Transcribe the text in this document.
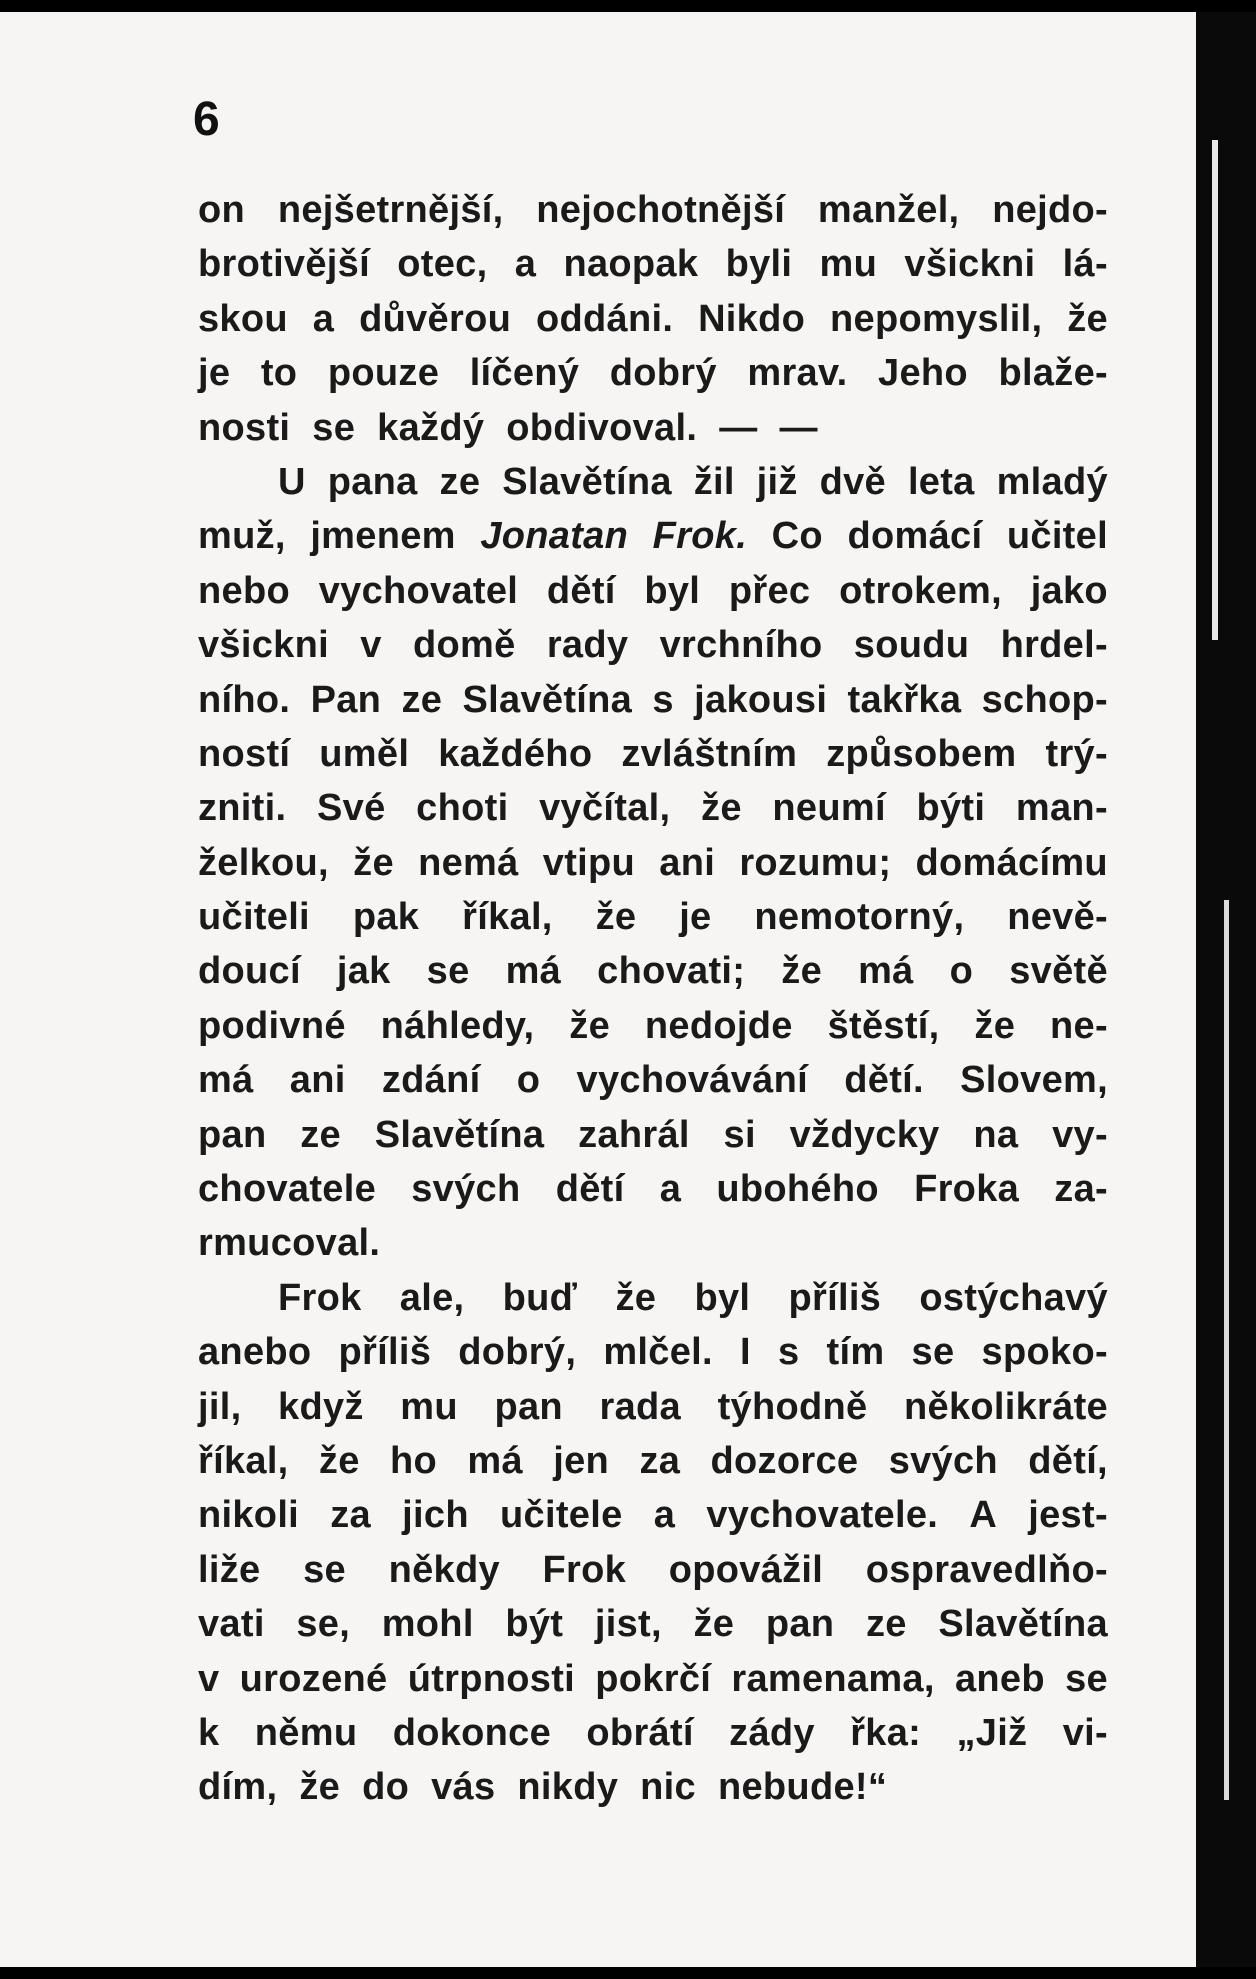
6

on nejšetrnější, nejochotnější manžel, nejdo-
brotivější otec, a naopak byli mu všickni lá-
skou a důvěrou oddáni. Nikdo nepomyslil, že
je to pouze líčený dobrý mrav. Jeho blaže-
nosti se každý obdivoval. — —
U pana ze Slavětína žil již dvě leta mladý
muž, jmenem Jonatan Frok. Co domácí učitel
nebo vychovatel dětí byl přec otrokem, jako
všickni v domě rady vrchního soudu hrdel-
ního. Pan ze Slavětína s jakousi takřka schop-
ností uměl každého zvláštním způsobem trý-
zniti. Své choti vyčítal, že neumí býti man-
želkou, že nemá vtipu ani rozumu; domácímu
učiteli pak říkal, že je nemotorný, nevě-
doucí jak se má chovati; že má o světě
podivné náhledy, že nedojde štěstí, že ne-
má ani zdání o vychovávání dětí. Slovem,
pan ze Slavětína zahrál si vždycky na vy-
chovatele svých dětí a ubohého Froka za-
rmucoval.
Frok ale, buď že byl příliš ostýchavý
anebo příliš dobrý, mlčel. I s tím se spoko-
jil, když mu pan rada týhodně několikráte
říkal, že ho má jen za dozorce svých dětí,
nikoli za jich učitele a vychovatele. A jest-
liže se někdy Frok opovážil ospravedlňo-
vati se, mohl být jist, že pan ze Slavětína
v urozené útrpnosti pokrčí ramenama, aneb se
k němu dokonce obrátí zády řka: „Již vi-
dím, že do vás nikdy nic nebude!“
